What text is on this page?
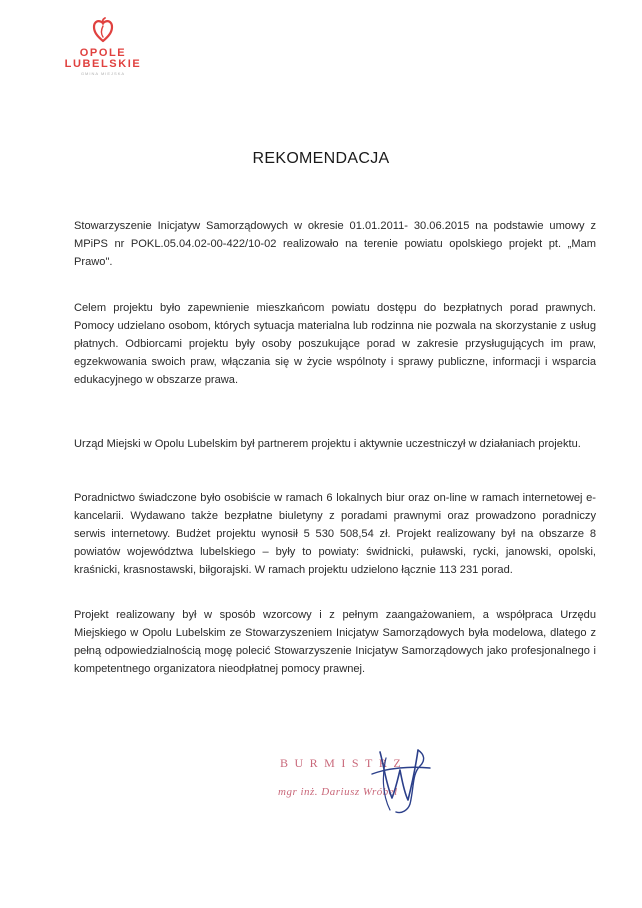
OPOLE
LUBELSKIE
GMINA MIEJSKA
REKOMENDACJA

Stowarzyszenie Inicjatyw Samorządowych w okresie 01.01.2011- 30.06.2015 na podstawie umowy z MPiPS nr POKL.05.04.02-00-422/10-02 realizowało na terenie powiatu opolskiego projekt pt. „Mam Prawo".

Celem projektu było zapewnienie mieszkańcom powiatu dostępu do bezpłatnych porad prawnych. Pomocy udzielano osobom, których sytuacja materialna lub rodzinna nie pozwala na skorzystanie z usług płatnych. Odbiorcami projektu były osoby poszukujące porad w zakresie przysługujących im praw, egzekwowania swoich praw, włączania się w życie wspólnoty i sprawy publiczne, informacji i wsparcia edukacyjnego w obszarze prawa.

Urząd Miejski w Opolu Lubelskim był partnerem projektu i aktywnie uczestniczył w działaniach projektu.

Poradnictwo świadczone było osobiście w ramach 6 lokalnych biur oraz on-line w ramach internetowej e-kancelarii. Wydawano także bezpłatne biuletyny z poradami prawnymi oraz prowadzono poradniczy serwis internetowy. Budżet projektu wynosił 5 530 508,54 zł. Projekt realizowany był na obszarze 8 powiatów województwa lubelskiego – były to powiaty: świdnicki, puławski, rycki, janowski, opolski, kraśnicki, krasnostawski, biłgorajski. W ramach projektu udzielono łącznie 113 231 porad.

Projekt realizowany był w sposób wzorcowy i z pełnym zaangażowaniem, a współpraca Urzędu Miejskiego w Opolu Lubelskim ze Stowarzyszeniem Inicjatyw Samorządowych była modelowa, dlatego z pełną odpowiedzialnością mogę polecić Stowarzyszenie Inicjatyw Samorządowych jako profesjonalnego i kompetentnego organizatora nieodpłatnej pomocy prawnej.

BURMISTRZ
mgr inż. Dariusz Wróbel
